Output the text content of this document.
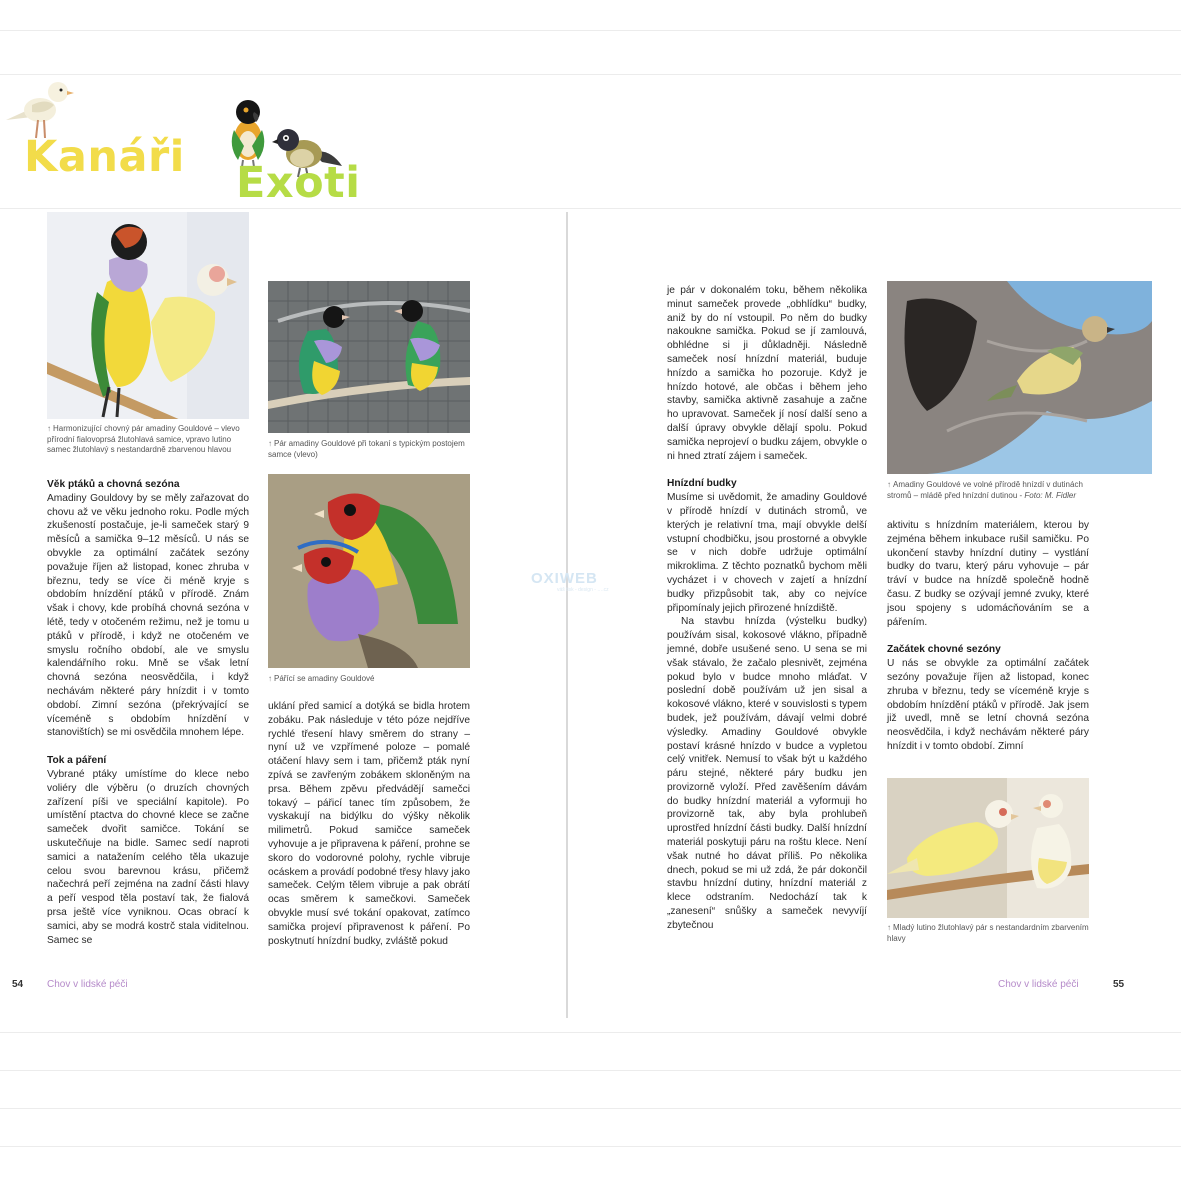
Kanáři
Exoti
↑ Harmonizující chovný pár amadiny Gouldové – vlevo přírodní fialovoprsá žlutohlavá samice, vpravo lutino samec žlutohlavý s nestandardně zbarvenou hlavou
↑ Pár amadiny Gouldové při tokaní s typickým postojem samce (vlevo)
↑ Pářící se amadiny Gouldové
↑ Amadiny Gouldové ve volné přírodě hnízdí v dutinách stromů – mládě před hnízdní dutinou - Foto: M. Fidler
↑ Mladý lutino žlutohlavý pár s nestandardním zbarvením hlavy
Věk ptáků a chovná sezóna

Amadiny Gouldovy by se měly zařazovat do chovu až ve věku jednoho roku. Podle mých zkušeností postačuje, je-li sameček starý 9 měsíců a samička 9–12 měsíců. U nás se obvykle za optimální začátek sezóny považuje říjen až listopad, konec zhruba v březnu, tedy se více či méně kryje s obdobím hnízdění ptáků v přírodě. Znám však i chovy, kde probíhá chovná sezóna v létě, tedy v otočeném režimu, než je tomu u ptáků v přírodě, i když ne otočeném ve smyslu ročního období, ale ve smyslu kalendářního roku. Mně se však letní chovná sezóna neosvědčila, i když nechávám některé páry hnízdit i v tomto období. Zimní sezóna (překrývající se víceméně s obdobím hnízdění v stanovištích) se mi osvědčila mnohem lépe.

Tok a páření

Vybrané ptáky umístíme do klece nebo voliéry dle výběru (o druzích chovných zařízení píši ve speciální kapitole). Po umístění ptactva do chovné klece se začne sameček dvořit samičce. Tokání se uskutečňuje na bidle. Samec sedí naproti samici a natažením celého těla ukazuje celou svou barevnou krásu, přičemž načechrá peří zejména na zadní části hlavy a peří vespod těla postaví tak, že fialová prsa ještě více vyniknou. Ocas obrací k samici, aby se modrá kostrč stala viditelnou. Samec se

uklání před samicí a dotýká se bidla hrotem zobáku. Pak následuje v této póze nejdříve rychlé třesení hlavy směrem do strany – nyní už ve vzpřímené poloze – pomalé otáčení hlavy sem i tam, přičemž pták nyní zpívá se zavřeným zobákem skloněným na prsa. Během zpěvu předvádějí samečci tokavý – pářicí tanec tím způsobem, že vyskakují na bidýlku do výšky několik milimetrů. Pokud samičce sameček vyhovuje a je připravena k páření, prohne se skoro do vodorovné polohy, rychle vibruje ocáskem a provádí podobné třesy hlavy jako sameček. Celým tělem vibruje a pak obrátí ocas směrem k samečkovi. Sameček obvykle musí své tokání opakovat, zatímco samička projeví připravenost k páření. Po poskytnutí hnízdní budky, zvláště pokud

je pár v dokonalém toku, během několika minut sameček provede „obhlídku“ budky, aniž by do ní vstoupil. Po něm do budky nakoukne samička. Pokud se jí zamlouvá, obhlédne si ji důkladněji. Následně sameček nosí hnízdní materiál, buduje hnízdo a samička ho pozoruje. Když je hnízdo hotové, ale občas i během jeho stavby, samička aktivně zasahuje a začne ho upravovat. Sameček jí nosí další seno a další úpravy obvykle dělají spolu. Pokud samička neprojeví o budku zájem, obvykle o ni hned ztratí zájem i sameček.

Hnízdní budky

Musíme si uvědomit, že amadiny Gouldové v přírodě hnízdí v dutinách stromů, ve kterých je relativní tma, mají obvykle delší vstupní chodbičku, jsou prostorné a obvykle se v nich dobře udržuje optimální mikroklima. Z těchto poznatků bychom měli vycházet i v chovech v zajetí a hnízdní budky přizpůsobit tak, aby co nejvíce připomínaly jejich přirozené hnízdiště.

Na stavbu hnízda (výstelku budky) používám sisal, kokosové vlákno, případně jemné, dobře usušené seno. U sena se mi však stávalo, že začalo plesnivět, zejména pokud bylo v budce mnoho mláďat. V poslední době používám už jen sisal a kokosové vlákno, které v souvislosti s typem budek, jež používám, dávají velmi dobré výsledky. Amadiny Gouldové obvykle postaví krásné hnízdo v budce a vypletou celý vnitřek. Nemusí to však být u každého páru stejné, některé páry budku jen provizorně vyloží. Před zavěšením dávám do budky hnízdní materiál a vyformuji ho provizorně tak, aby byla prohlubeň uprostřed hnízdní části budky. Další hnízdní materiál poskytuji páru na roštu klece. Není však nutné ho dávat příliš. Po několika dnech, pokud se mi už zdá, že pár dokončil stavbu hnízdní dutiny, hnízdní materiál z klece odstraním. Nedochází tak k „zanesení“ snůšky a sameček nevyvíjí zbytečnou

aktivitu s hnízdním materiálem, kterou by zejména během inkubace rušil samičku. Po ukončení stavby hnízdní dutiny – vystlání budky do tvaru, který páru vyhovuje – pár tráví v budce na hnízdě společně hodně času. Z budky se ozývají jemné zvuky, které jsou spojeny s udomácňováním se a pářením.

Začátek chovné sezóny

U nás se obvykle za optimální začátek sezóny považuje říjen až listopad, konec zhruba v březnu, tedy se víceméně kryje s obdobím hnízdění ptáků v přírodě. Jak jsem již uvedl, mně se letní chovná sezóna neosvědčila, i když nechávám některé páry hnízdit i v tomto období. Zimní

OXIWEB
váš tisk - design - ….cz
54 Chov v lidské péči	Chov v lidské péči	55
